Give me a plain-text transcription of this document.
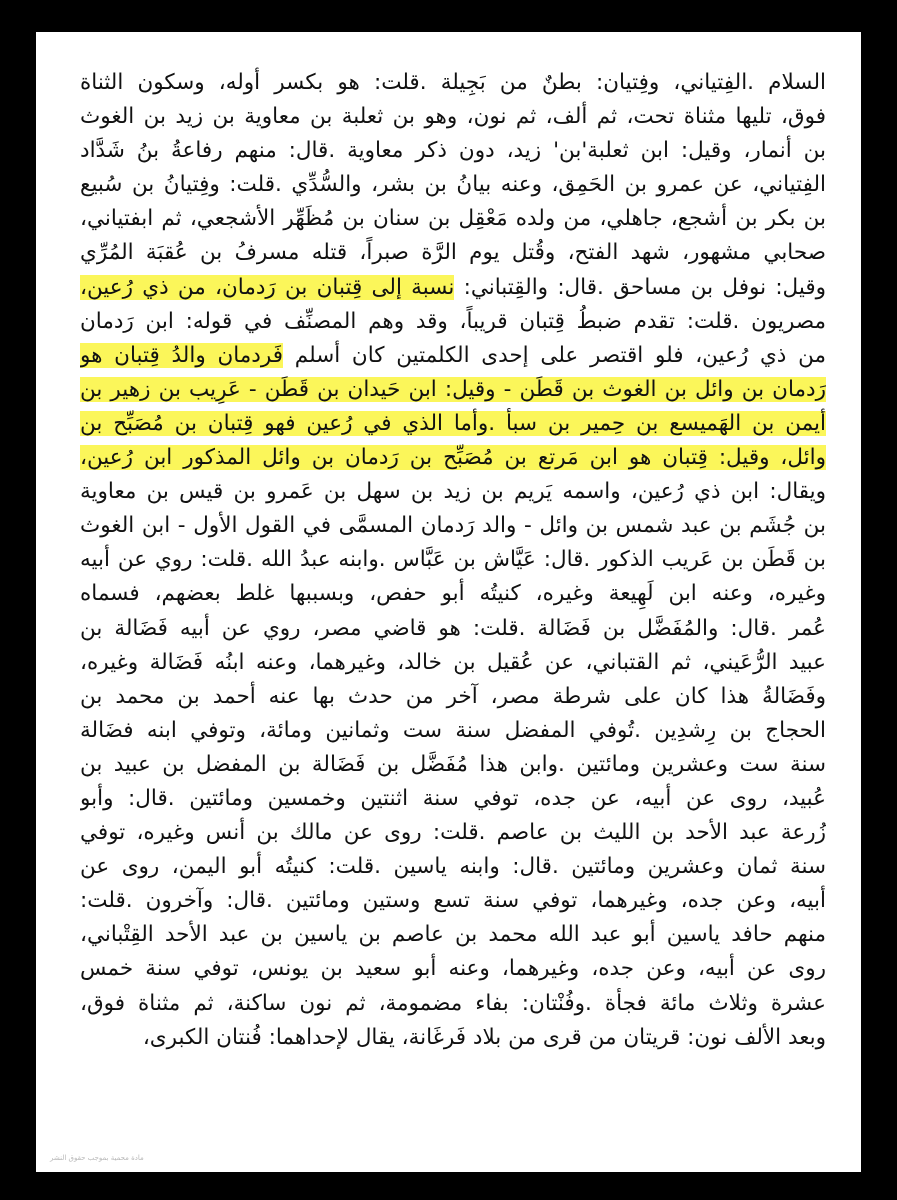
السلام .الفِتياني، وفِتيان: بطنٌ من بَجِيلة .قلت: هو بكسر أوله، وسكون الثناة
فوق، تليها مثناة تحت، ثم ألف، ثم نون، وهو بن ثعلبة بن معاوية بن زيد بن الغوث
بن أنمار، وقيل: ابن ثعلبة'بن' زيد، دون ذكر معاوية .قال: منهم رفاعةُ بنُ شَدَّاد
الفِتياني، عن عمرو بن الحَمِق، وعنه بيانُ بن بشر، والسُّدِّي .قلت: وفِتيانُ بن سُبيع
بن بكر بن أشجع، جاهلي، من ولده مَعْقِل بن سنان بن مُظَهِّر الأشجعي، ثم ابفتياني،
صحابي مشهور، شهد الفتح، وقُتل يوم الرَّة صبراً، قتله مسرفُ بن عُقبَة المُرِّي
وقيل: نوفل بن مساحق .قال: والقِتباني: نسبة إلى قِتبان بن رَدمان، من ذي رُعين،
مصريون .قلت: تقدم ضبطُ قِتبان قريباً، وقد وهم المصنِّف في قوله: ابن رَدمان
من ذي رُعين، فلو اقتصر على إحدى الكلمتين كان أسلم فَردمان والدُ قِتبان هو
رَدمان بن وائل بن الغوث بن قَطَن - وقيل: ابن حَيدان بن قَطَن - عَرِيب بن زهير بن
أيمن بن الهَميسع بن حِمير بن سبأ .وأما الذي في رُعين فهو قِتبان بن مُصَبِّح بن
وائل، وقيل: قِتبان هو ابن مَرتع بن مُصَبِّح بن رَدمان بن وائل المذكور ابن رُعين،
ويقال: ابن ذي رُعين، واسمه يَريم بن زيد بن سهل بن عَمرو بن قيس بن معاوية
بن جُشَم بن عبد شمس بن وائل - والد رَدمان المسمَّى في القول الأول - ابن الغوث
بن قَطَن بن عَريب الذكور .قال: عَيَّاش بن عَبَّاس .وابنه عبدُ الله .قلت: روي عن أبيه
وغيره، وعنه ابن لَهِيعة وغيره، كنيتُه أبو حفص، وبسببها غلط بعضهم، فسماه
عُمر .قال: والمُفَضَّل بن فَضَالة .قلت: هو قاضي مصر، روي عن أبيه فَضَالة بن
عبيد الرُّعَيني، ثم القتباني، عن عُقيل بن خالد، وغيرهما، وعنه ابنُه فَضَالة وغيره،
وفَضَالةُ هذا كان على شرطة مصر، آخر من حدث بها عنه أحمد بن محمد بن
الحجاج بن رِشدِين .تُوفي المفضل سنة ست وثمانين ومائة، وتوفي ابنه فضَالة
سنة ست وعشرين ومائتين .وابن هذا مُفَضَّل بن فَضَالة بن المفضل بن عبيد بن
عُبيد، روى عن أبيه، عن جده، توفي سنة اثنتين وخمسين ومائتين .قال: وأبو
زُرعة عبد الأحد بن الليث بن عاصم .قلت: روى عن مالك بن أنس وغيره، توفي
سنة ثمان وعشرين ومائتين .قال: وابنه ياسين .قلت: كنيتُه أبو اليمن، روى عن
أبيه، وعن جده، وغيرهما، توفي سنة تسع وستين ومائتين .قال: وآخرون .قلت:
منهم حافد ياسين أبو عبد الله محمد بن عاصم بن ياسين بن عبد الأحد القِتْباني،
روى عن أبيه، وعن جده، وغيرهما، وعنه أبو سعيد بن يونس، توفي سنة خمس
عشرة وثلاث مائة فجأة .وفُنْتان: بفاء مضمومة، ثم نون ساكنة، ثم مثناة فوق،
وبعد الألف نون: قريتان من قرى من بلاد فَرغَانة، يقال لإحداهما: فُنتان الكبرى،
مادة محمية بموجب حقوق النشر
